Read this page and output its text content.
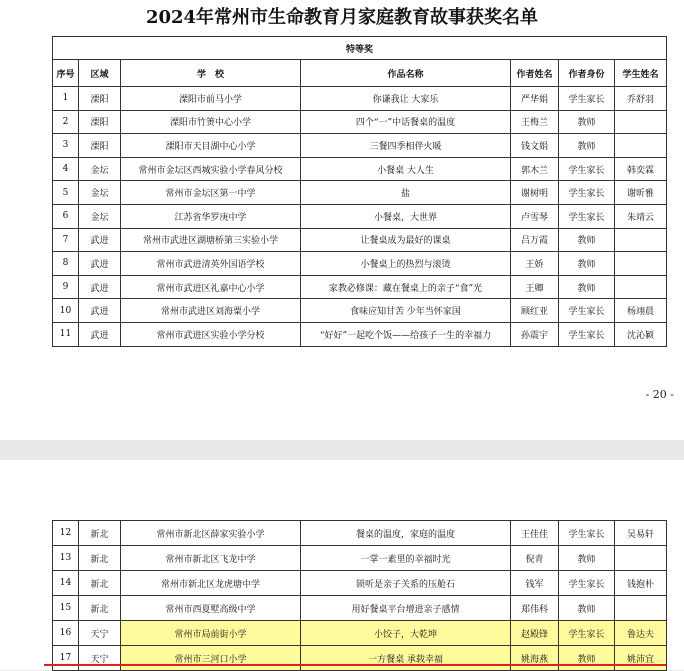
2024年常州市生命教育月家庭教育故事获奖名单
- 20 -
特等奖						
序号	区域	学　校	作品名称	作者姓名	作者身份	学生姓名
1	溧阳	溧阳市前马小学	你谦我让 大家乐	严华娟	学生家长	乔舒羽
2	溧阳	溧阳市竹箦中心小学	四个“一”中话餐桌的温度	王梅兰	教师	
3	溧阳	溧阳市天目湖中心小学	三餐四季相伴火暖	钱文娟	教师	
4	金坛	常州市金坛区西城实验小学春风分校	小餐桌 大人生	郭木兰	学生家长	韩奕霖
5	金坛	常州市金坛区第一中学	盐	谢树明	学生家长	谢昕雅
6	金坛	江苏省华罗庚中学	小餐桌，大世界	卢雪琴	学生家长	朱靖云
7	武进	常州市武进区湖塘桥第三实验小学	让餐桌成为最好的课桌	吕万霞	教师	
8	武进	常州市武进清英外国语学校	小餐桌上的热烈与滚烫	王娇	教师	
9	武进	常州市武进区礼嘉中心小学	家教必修课：藏在餐桌上的亲子“食”光	王卿	教师	
10	武进	常州市武进区刘海粟小学	食味应知甘苦 少年当怀家国	顾红亚	学生家长	杨翊晨
11	武进	常州市武进区实验小学分校	“好好”一起吃个饭——给孩子一生的幸福力	孙震宇	学生家长	沈沁颖
12	新北	常州市新北区薛家实验小学	餐桌的温度，家庭的温度	王佳佳	学生家长	吴易轩
13	新北	常州市新北区飞龙中学	一掌一素里的幸福时光	倪青	教师	
14	新北	常州市新北区龙虎塘中学	锁听是亲子关系的压舱石	钱军	学生家长	钱抱朴
15	新北	常州市西夏墅高级中学	用好餐桌平台增进亲子感情	郑伟科	教师	
16	天宁	常州市局前街小学	小饺子，大乾坤	赵殿锋	学生家长	鲁达夫
17	天宁	常州市三河口小学	一方餐桌 承载幸福	姚海燕	教师	姚沛宜
